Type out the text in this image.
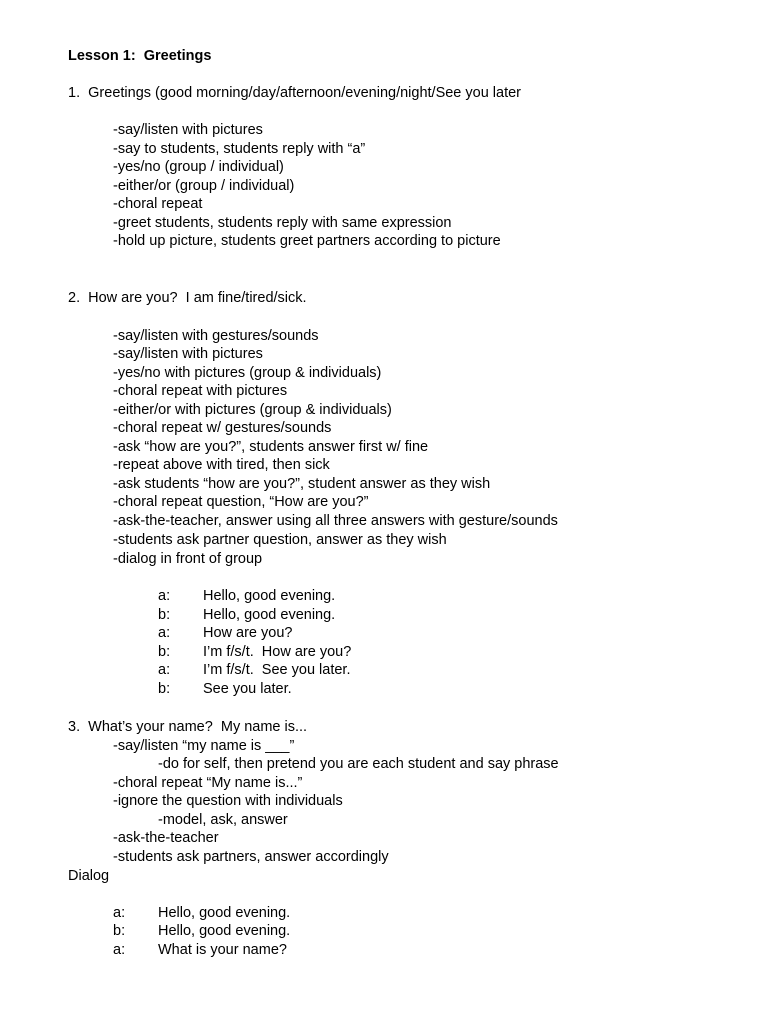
Lesson 1:  Greetings
1.  Greetings (good morning/day/afternoon/evening/night/See you later
-say/listen with pictures
-say to students, students reply with “a”
-yes/no (group / individual)
-either/or (group / individual)
-choral repeat
-greet students, students reply with same expression
-hold up picture, students greet partners according to picture
2.  How are you?  I am fine/tired/sick.
-say/listen with gestures/sounds
-say/listen with pictures
-yes/no with pictures (group & individuals)
-choral repeat with pictures
-either/or with pictures (group & individuals)
-choral repeat w/ gestures/sounds
-ask “how are you?”, students answer first w/ fine
-repeat above with tired, then sick
-ask students “how are you?”, student answer as they wish
-choral repeat question, “How are you?”
-ask-the-teacher, answer using all three answers with gesture/sounds
-students ask partner question, answer as they wish
-dialog in front of group
a: Hello, good evening.
b: Hello, good evening.
a: How are you?
b: I’m f/s/t.  How are you?
a: I’m f/s/t.  See you later.
b: See you later.
3.  What’s your name?  My name is...
-say/listen “my name is ___”
-do for self, then pretend you are each student and say phrase
-choral repeat “My name is...”
-ignore the question with individuals
-model, ask, answer
-ask-the-teacher
-students ask partners, answer accordingly
Dialog
a: Hello, good evening.
b: Hello, good evening.
a: What is your name?
